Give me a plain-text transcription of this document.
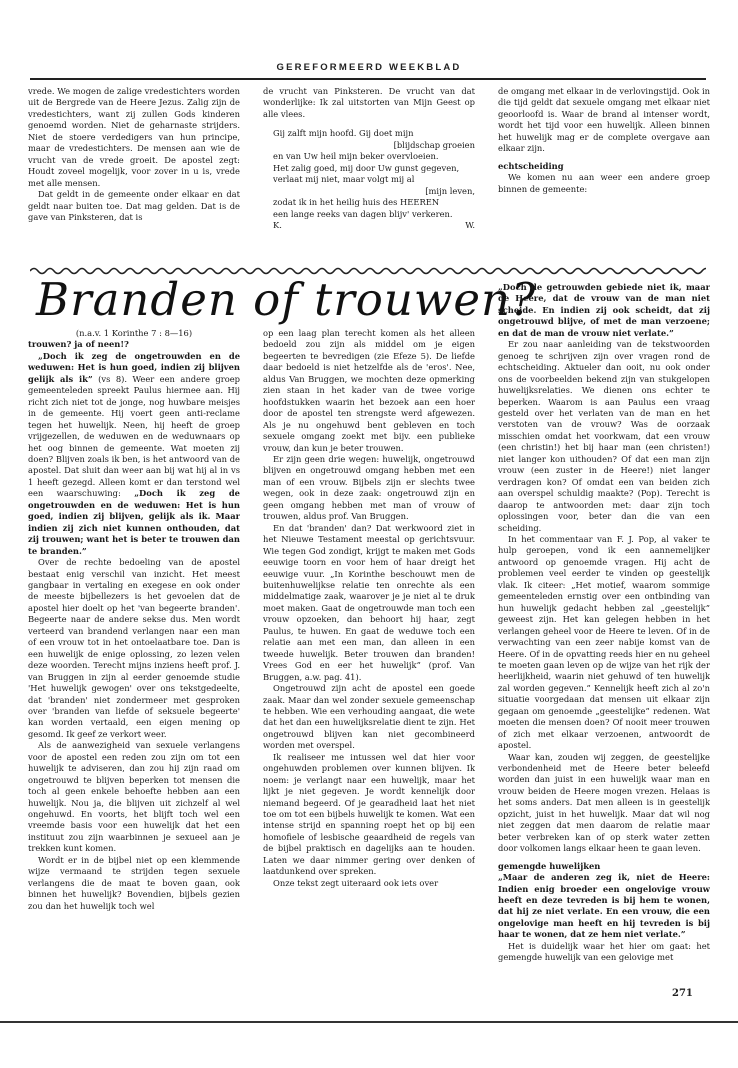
GEREFORMEERD WEEKBLAD

vrede. We mogen de zalige vredestichters worden uit de Bergrede van de Heere Jezus. Zalig zijn de vredestichters, want zij zullen Gods kinderen genoemd worden. Niet de geharnaste strijders. Niet de stoere verdedigers van hun principe, maar de vredestichters. De mensen aan wie de vrucht van de vrede groeit. De apostel zegt: Houdt zoveel mogelijk, voor zover in u is, vrede met alle mensen.

Dat geldt in de gemeente onder elkaar en dat geldt naar buiten toe. Dat mag gelden. Dat is de gave van Pinksteren, dat is

de vrucht van Pinksteren. De vrucht van dat wonderlijke: Ik zal uitstorten van Mijn Geest op alle vlees.

Gij zalft mijn hoofd. Gij doet mijn

[blijdschap groeien

en van Uw heil mijn beker overvloeien.

Het zalig goed, mij door Uw gunst gegeven,

verlaat mij niet, maar volgt mij al

[mijn leven,

zodat ik in het heilig huis des HEEREN

een lange reeks van dagen blijv' verkeren.

K.	W.

de omgang met elkaar in de verlovingstijd. Ook in die tijd geldt dat sexuele omgang met elkaar niet geoorloofd is. Waar de brand al intenser wordt, wordt het tijd voor een huwelijk. Alleen binnen het huwelijk mag er de complete overgave aan elkaar zijn.

echtscheiding

We komen nu aan weer een andere groep binnen de gemeente:

Branden of trouwen?

(n.a.v. 1 Korinthe 7 : 8—16)

trouwen? ja of neen!?

„Doch ik zeg de ongetrouwden en de weduwen: Het is hun goed, indien zij blijven gelijk als ik” (vs 8). Weer een andere groep gemeenteleden spreekt Paulus hiermee aan. Hij richt zich niet tot de jonge, nog huwbare meisjes in de gemeente. Hij voert geen anti-reclame tegen het huwelijk. Neen, hij heeft de groep vrijgezellen, de weduwen en de weduwnaars op het oog binnen de gemeente. Wat moeten zij doen? Blijven zoals ik ben, is het antwoord van de apostel. Dat sluit dan weer aan bij wat hij al in vs 1 heeft gezegd. Alleen komt er dan terstond wel een waarschuwing: „Doch ik zeg de ongetrouwden en de weduwen: Het is hun goed, indien zij blijven, gelijk als ik. Maar indien zij zich niet kunnen onthouden, dat zij trouwen; want het is beter te trouwen dan te branden.”

Over de rechte bedoeling van de apostel bestaat enig verschil van inzicht. Het meest gangbaar in vertaling en exegese en ook onder de meeste bijbellezers is het gevoelen dat de apostel hier doelt op het 'van begeerte branden'. Begeerte naar de andere sekse dus. Men wordt verteerd van brandend verlangen naar een man of een vrouw tot in het ontoelaatbare toe. Dan is een huwelijk de enige oplossing, zo lezen velen deze woorden. Terecht mijns inziens heeft prof. J. van Bruggen in zijn al eerder genoemde studie 'Het huwelijk gewogen' over ons tekstgedeelte, dat 'branden' niet zondermeer met gesproken over 'branden van liefde of seksuele begeerte' kan worden vertaald, een eigen mening op gesomd. Ik geef ze verkort weer.

Als de aanwezigheid van sexuele verlangens voor de apostel een reden zou zijn om tot een huwelijk te adviseren, dan zou hij zijn raad om ongetrouwd te blijven beperken tot mensen die toch al geen enkele behoefte hebben aan een huwelijk. Nou ja, die blijven uit zichzelf al wel ongehuwd. En voorts, het blijft toch wel een vreemde basis voor een huwelijk dat het een instituut zou zijn waarbinnen je sexueel aan je trekken kunt komen.

Wordt er in de bijbel niet op een klemmende wijze vermaand te strijden tegen sexuele verlangens die de maat te boven gaan, ook binnen het huwelijk? Bovendien, bijbels gezien zou dan het huwelijk toch wel

op een laag plan terecht komen als het alleen bedoeld zou zijn als middel om je eigen begeerten te bevredigen (zie Efeze 5). De liefde daar bedoeld is niet hetzelfde als de 'eros'. Nee, aldus Van Bruggen, we mochten deze opmerking zien staan in het kader van de twee vorige hoofdstukken waarin het bezoek aan een hoer door de apostel ten strengste werd afgewezen. Als je nu ongehuwd bent gebleven en toch sexuele omgang zoekt met bijv. een publieke vrouw, dan kun je beter trouwen.

Er zijn geen drie wegen: huwelijk, ongetrouwd blijven en ongetrouwd omgang hebben met een man of een vrouw. Bijbels zijn er slechts twee wegen, ook in deze zaak: ongetrouwd zijn en geen omgang hebben met man of vrouw of trouwen, aldus prof. Van Bruggen.

En dat 'branden' dan? Dat werkwoord ziet in het Nieuwe Testament meestal op gerichtsvuur. Wie tegen God zondigt, krijgt te maken met Gods eeuwige toorn en voor hem of haar dreigt het eeuwige vuur. „In Korinthe beschouwt men de buitenhuwelijkse relatie ten onrechte als een middelmatige zaak, waarover je je niet al te druk moet maken. Gaat de ongetrouwde man toch een vrouw opzoeken, dan behoort hij haar, zegt Paulus, te huwen. En gaat de weduwe toch een relatie aan met een man, dan alleen in een tweede huwelijk. Beter trouwen dan branden! Vrees God en eer het huwelijk” (prof. Van Bruggen, a.w. pag. 41).

Ongetrouwd zijn acht de apostel een goede zaak. Maar dan wel zonder sexuele gemeenschap te hebben. Wie een verhouding aangaat, die wete dat het dan een huwelijksrelatie dient te zijn. Het ongetrouwd blijven kan niet gecombineerd worden met overspel.

Ik realiseer me intussen wel dat hier voor ongehuwden problemen over kunnen blijven. Ik noem: je verlangt naar een huwelijk, maar het lijkt je niet gegeven. Je wordt kennelijk door niemand begeerd. Of je gearadheid laat het niet toe om tot een bijbels huwelijk te komen. Wat een intense strijd en spanning roept het op bij een homofiele of lesbische geaardheid de regels van de bijbel praktisch en dagelijks aan te houden. Laten we daar nimmer gering over denken of laatdunkend over spreken.

Onze tekst zegt uiteraard ook iets over

„Doch de getrouwden gebiede niet ik, maar de Heere, dat de vrouw van de man niet scheide. En indien zij ook scheidt, dat zij ongetrouwd blijve, of met de man verzoene; en dat de man de vrouw niet verlate.”

Er zou naar aanleiding van de tekstwoorden genoeg te schrijven zijn over vragen rond de echtscheiding. Aktueler dan ooit, nu ook onder ons de voorbeelden bekend zijn van stukgelopen huwelijksrelaties. We dienen ons echter te beperken. Waarom is aan Paulus een vraag gesteld over het verlaten van de man en het verstoten van de vrouw? Was de oorzaak misschien omdat het voorkwam, dat een vrouw (een christin!) het bij haar man (een christen!) niet langer kon uithouden? Of dat een man zijn vrouw (een zuster in de Heere!) niet langer verdragen kon? Of omdat een van beiden zich aan overspel schuldig maakte? (Pop). Terecht is daarop te antwoorden met: daar zijn toch oplossingen voor, beter dan die van een scheiding.

In het commentaar van F. J. Pop, al vaker te hulp geroepen, vond ik een aannemelijker antwoord op genoemde vragen. Hij acht de problemen veel eerder te vinden op geestelijk vlak. Ik citeer: „Het motief, waarom sommige gemeenteleden ernstig over een ontbinding van hun huwelijk gedacht hebben zal „geestelijk” geweest zijn. Het kan gelegen hebben in het verlangen geheel voor de Heere te leven. Of in de verwachting van een zeer nabije komst van de Heere. Of in de opvatting reeds hier en nu geheel te moeten gaan leven op de wijze van het rijk der heerlijkheid, waarin niet gehuwd of ten huwelijk zal worden gegeven.” Kennelijk heeft zich al zo'n situatie voorgedaan dat mensen uit elkaar zijn gegaan om genoemde „geestelijke” redenen. Wat moeten die mensen doen? Of nooit meer trouwen of zich met elkaar verzoenen, antwoordt de apostel.

Waar kan, zouden wij zeggen, de geestelijke verbondenheid met de Heere beter beleefd worden dan juist in een huwelijk waar man en vrouw beiden de Heere mogen vrezen. Helaas is het soms anders. Dat men alleen is in geestelijk opzicht, juist in het huwelijk. Maar dat wil nog niet zeggen dat men daarom de relatie maar beter verbreken kan of op sterk water zetten door volkomen langs elkaar heen te gaan leven.

gemengde huwelijken

„Maar de anderen zeg ik, niet de Heere: Indien enig broeder een ongelovige vrouw heeft en deze tevreden is bij hem te wonen, dat hij ze niet verlate. En een vrouw, die een ongelovige man heeft en hij tevreden is bij haar te wonen, dat ze hem niet verlate.”

Het is duidelijk waar het hier om gaat: het gemengde huwelijk van een gelovige met

271
